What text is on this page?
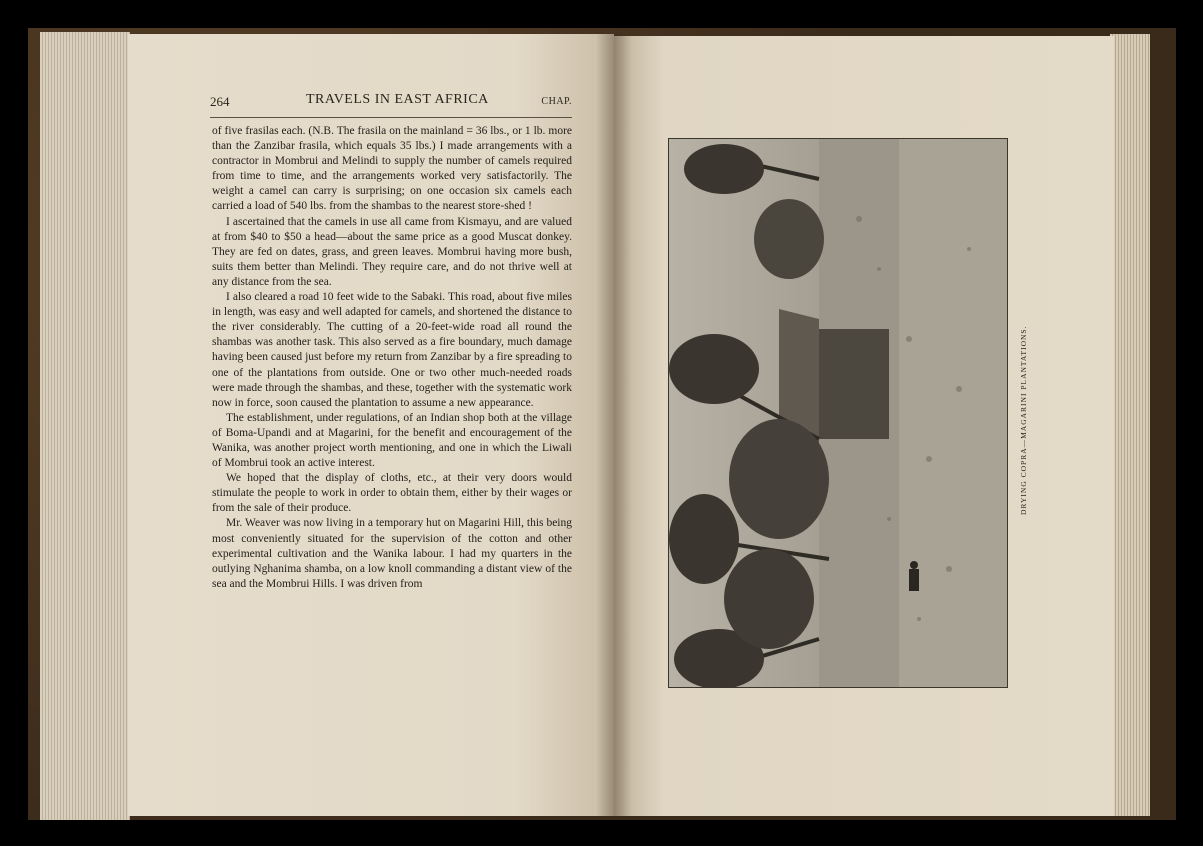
264	TRAVELS IN EAST AFRICA	CHAP.

of five frasilas each. (N.B. The frasila on the mainland = 36 lbs., or 1 lb. more than the Zanzibar frasila, which equals 35 lbs.) I made arrangements with a contractor in Mombrui and Melindi to supply the number of camels required from time to time, and the arrangements worked very satisfactorily. The weight a camel can carry is surprising; on one occasion six camels each carried a load of 540 lbs. from the shambas to the nearest store-shed !

I ascertained that the camels in use all came from Kismayu, and are valued at from $40 to $50 a head—about the same price as a good Muscat donkey. They are fed on dates, grass, and green leaves. Mombrui having more bush, suits them better than Melindi. They require care, and do not thrive well at any distance from the sea.

I also cleared a road 10 feet wide to the Sabaki. This road, about five miles in length, was easy and well adapted for camels, and shortened the distance to the river considerably. The cutting of a 20-feet-wide road all round the shambas was another task. This also served as a fire boundary, much damage having been caused just before my return from Zanzibar by a fire spreading to one of the plantations from outside. One or two other much-needed roads were made through the shambas, and these, together with the systematic work now in force, soon caused the plantation to assume a new appearance.

The establishment, under regulations, of an Indian shop both at the village of Boma-Upandi and at Magarini, for the benefit and encouragement of the Wanika, was another project worth mentioning, and one in which the Liwali of Mombrui took an active interest.

We hoped that the display of cloths, etc., at their very doors would stimulate the people to work in order to obtain them, either by their wages or from the sale of their produce.

Mr. Weaver was now living in a temporary hut on Magarini Hill, this being most conveniently situated for the supervision of the cotton and other experimental cultivation and the Wanika labour. I had my quarters in the outlying Nghanima shamba, on a low knoll commanding a distant view of the sea and the Mombrui Hills. I was driven from

DRYING COPRA—MAGARINI PLANTATIONS.
